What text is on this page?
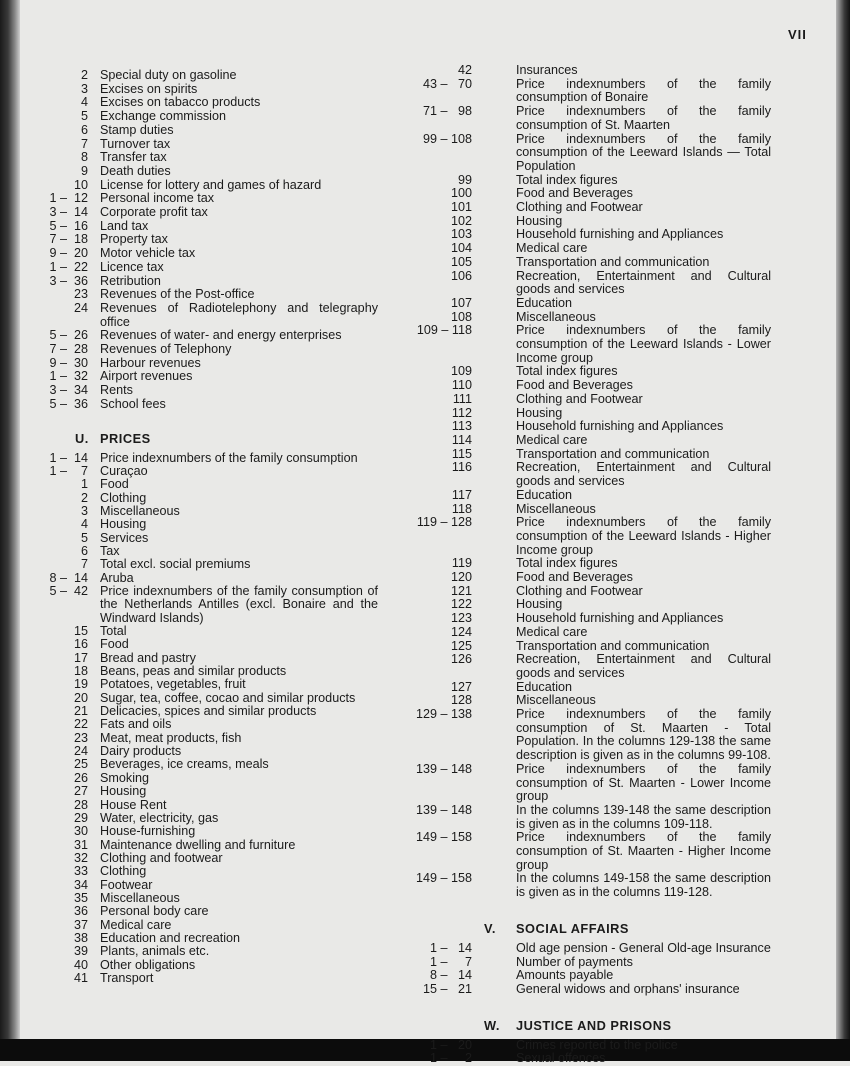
VII
2 Special duty on gasoline
3 Excises on spirits
4 Excises on tabacco products
5 Exchange commission
6 Stamp duties
7 Turnover tax
8 Transfer tax
9 Death duties
10 License for lottery and games of hazard
1 –  12 Personal income tax
3 –  14 Corporate profit tax
5 –  16 Land tax
7 –  18 Property tax
9 –  20 Motor vehicle tax
1 –  22 Licence tax
3 –  36 Retribution
23 Revenues of the Post-office
24 Revenues of Radiotelephony and telegraphy office
5 –  26 Revenues of water- and energy enterprises
7 –  28 Revenues of Telephony
9 –  30 Harbour revenues
1 –  32 Airport revenues
3 –  34 Rents
5 –  36 School fees
U. PRICES
1 –  14 Price indexnumbers of the family consumption
1 –    7 Curaçao
1 Food
2 Clothing
3 Miscellaneous
4 Housing
5 Services
6 Tax
7 Total excl. social premiums
8 –  14 Aruba
5 –  42 Price indexnumbers of the family consumption of the Netherlands Antilles (excl. Bonaire and the Windward Islands)
15 Total
16 Food
17 Bread and pastry
18 Beans, peas and similar products
19 Potatoes, vegetables, fruit
20 Sugar, tea, coffee, cocao and similar products
21 Delicacies, spices and similar products
22 Fats and oils
23 Meat, meat products, fish
24 Dairy products
25 Beverages, ice creams, meals
26 Smoking
27 Housing
28 House Rent
29 Water, electricity, gas
30 House-furnishing
31 Maintenance dwelling and furniture
32 Clothing and footwear
33 Clothing
34 Footwear
35 Miscellaneous
36 Personal body care
37 Medical care
38 Education and recreation
39 Plants, animals etc.
40 Other obligations
41 Transport
42	Insurances
43 –   70	Price indexnumbers of the family consumption of Bonaire
71 –   98	Price indexnumbers of the family consumption of St. Maarten
99 – 108	Price indexnumbers of the family consumption of the Leeward Islands — Total Population
99	Total index figures
100	Food and Beverages
101	Clothing and Footwear
102	Housing
103	Household furnishing and Appliances
104	Medical care
105	Transportation and communication
106	Recreation, Entertainment and Cultural goods and services
107	Education
108	Miscellaneous
109 – 118	Price indexnumbers of the family consumption of the Leeward Islands - Lower Income group
109	Total index figures
110	Food and Beverages
111	Clothing and Footwear
112	Housing
113	Household furnishing and Appliances
114	Medical care
115	Transportation and communication
116	Recreation, Entertainment and Cultural goods and services
117	Education
118	Miscellaneous
119 – 128	Price indexnumbers of the family consumption of the Leeward Islands - Higher Income group
119	Total index figures
120	Food and Beverages
121	Clothing and Footwear
122	Housing
123	Household furnishing and Appliances
124	Medical care
125	Transportation and communication
126	Recreation, Entertainment and Cultural goods and services
127	Education
128	Miscellaneous
129 – 138	Price indexnumbers of the family consumption of St. Maarten - Total Population. In the columns 129-138 the same description is given as in the columns 99-108.
139 – 148	Price indexnumbers of the family consumption of St. Maarten - Lower Income group
139 – 148	In the columns 139-148 the same description is given as in the columns 109-118.
149 – 158	Price indexnumbers of the family consumption of St. Maarten - Higher Income group
149 – 158	In the columns 149-158 the same description is given as in the columns 119-128.
V.	SOCIAL AFFAIRS
1 –   14	Old age pension - General Old-age Insurance
1 –     7	Number of payments
8 –   14	Amounts payable
15 –   21	General widows and orphans' insurance
W.	JUSTICE AND PRISONS
1 –   20	Crimes reported to the police
1 –     2	Sexual offences
